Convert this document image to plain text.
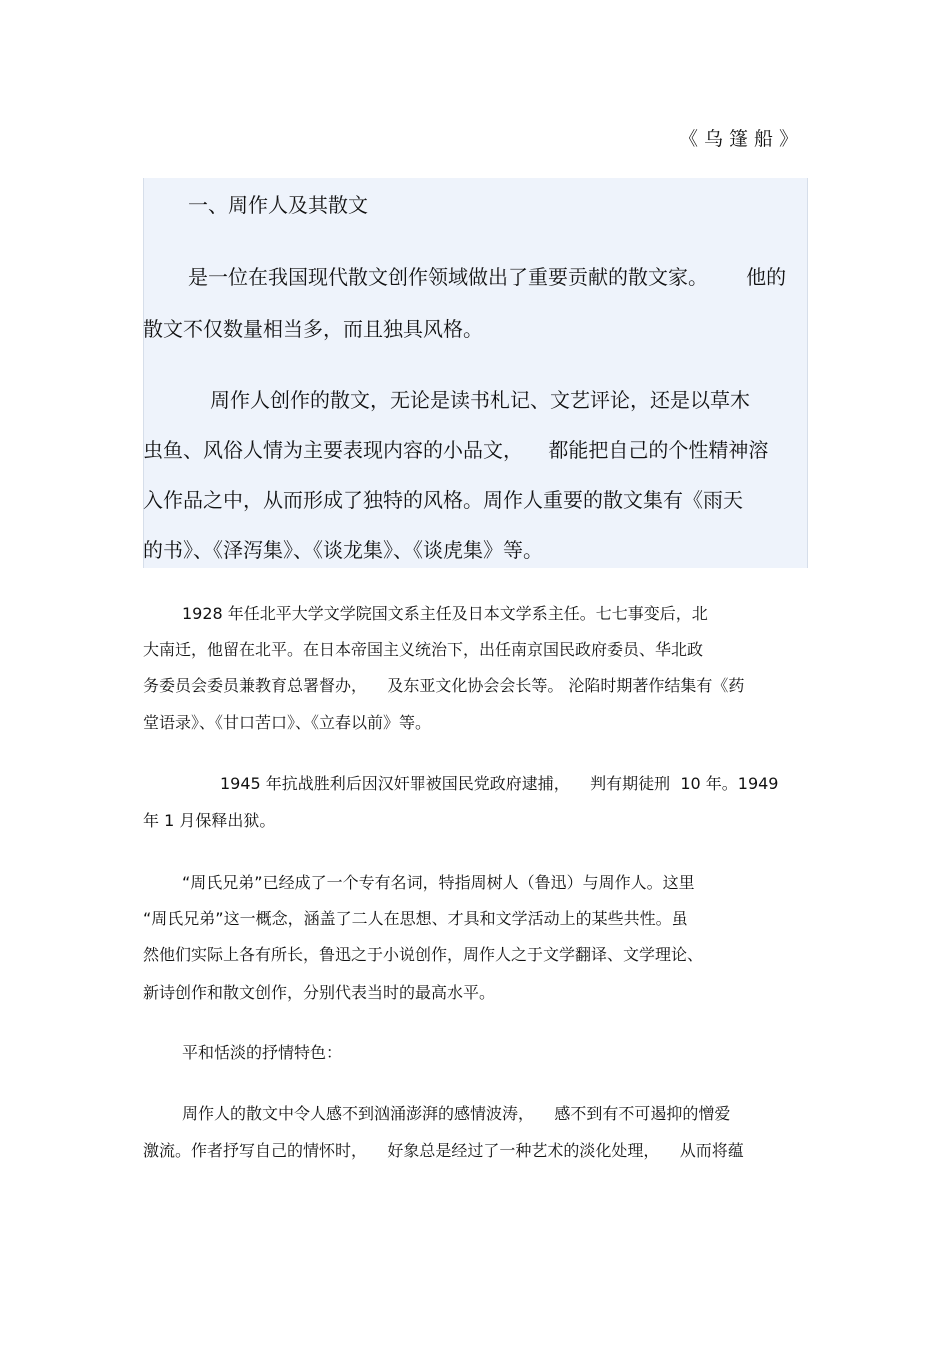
《乌篷船》
一、周作人及其散文
是一位在我国现代散文创作领域做出了重要贡献的散文家。      他的
散文不仅数量相当多，而且独具风格。
周作人创作的散文，无论是读书札记、文艺评论，还是以草木
虫鱼、风俗人情为主要表现内容的小品文，    都能把自己的个性精神溶
入作品之中，从而形成了独特的风格。周作人重要的散文集有《雨天
的书》、《泽泻集》、《谈龙集》、《谈虎集》等。
1928 年任北平大学文学院国文系主任及日本文学系主任。七七事变后，北
大南迁，他留在北平。在日本帝国主义统治下，出任南京国民政府委员、华北政
务委员会委员兼教育总署督办，    及东亚文化协会会长等。 沦陷时期著作结集有《药
堂语录》、《甘口苦口》、《立春以前》等。
1945 年抗战胜利后因汉奸罪被国民党政府逮捕，    判有期徒刑  10 年。1949
年 1 月保释出狱。
“周氏兄弟”已经成了一个专有名词，特指周树人（鲁迅）与周作人。这里
“周氏兄弟”这一概念，涵盖了二人在思想、才具和文学活动上的某些共性。虽
然他们实际上各有所长，鲁迅之于小说创作，周作人之于文学翻译、文学理论、
新诗创作和散文创作，分别代表当时的最高水平。
平和恬淡的抒情特色：
周作人的散文中令人感不到汹涌澎湃的感情波涛，    感不到有不可遏抑的憎爱
激流。作者抒写自己的情怀时，    好象总是经过了一种艺术的淡化处理，    从而将蕴
